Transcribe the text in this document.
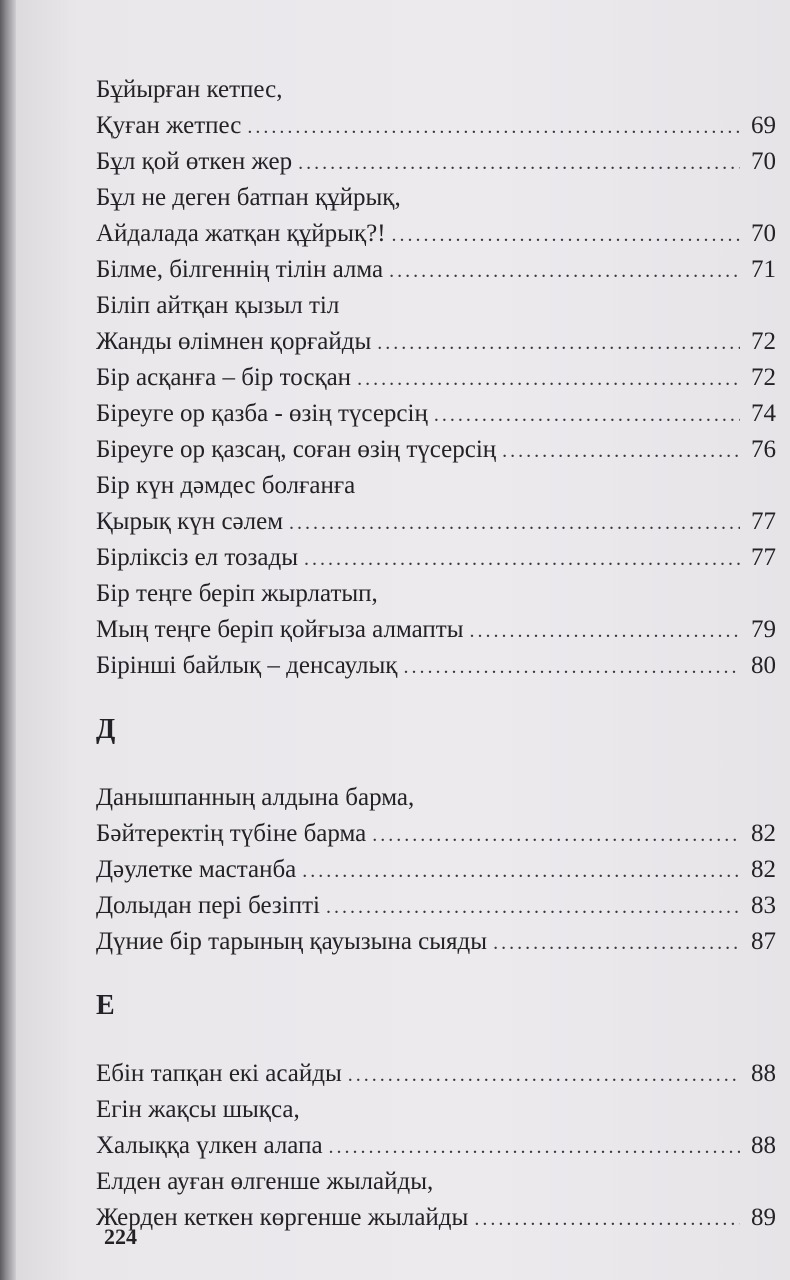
Бұйырған кетпес,
Қуған жетпес . . .	69
Бұл қой өткен жер . . .	70
Бұл не деген батпан құйрық,
Айдалада жатқан құйрық?! . . .	70
Білме, білгеннің тілін алма . . .	71
Біліп айтқан қызыл тіл
Жанды өлімнен қорғайды . . .	72
Бір асқанға – бір тосқан . . .	72
Біреуге ор қазба - өзің түсерсің . . .	74
Біреуге ор қазсаң, соған өзің түсерсің . . .	76
Бір күн дәмдес болғанға
Қырық күн сәлем . . .	77
Бірліксіз ел тозады . . .	77
Бір теңге беріп жырлатып,
Мың теңге беріп қойғыза алмапты . . .	79
Бірінші байлық – денсаулық . . .	80
Д
Данышпанның алдына барма,
Бәйтеректің түбіне барма . . .	82
Дәулетке мастанба . . .	82
Долыдан пері безіпті . . .	83
Дүние бір тарының қауызына сыяды . . .	87
Е
Ебін тапқан екі асайды . . .	88
Егін жақсы шықса,
Халыққа үлкен алапа . . .	88
Елден ауған өлгенше жылайды,
Жерден кеткен көргенше жылайды . . .	89
224
